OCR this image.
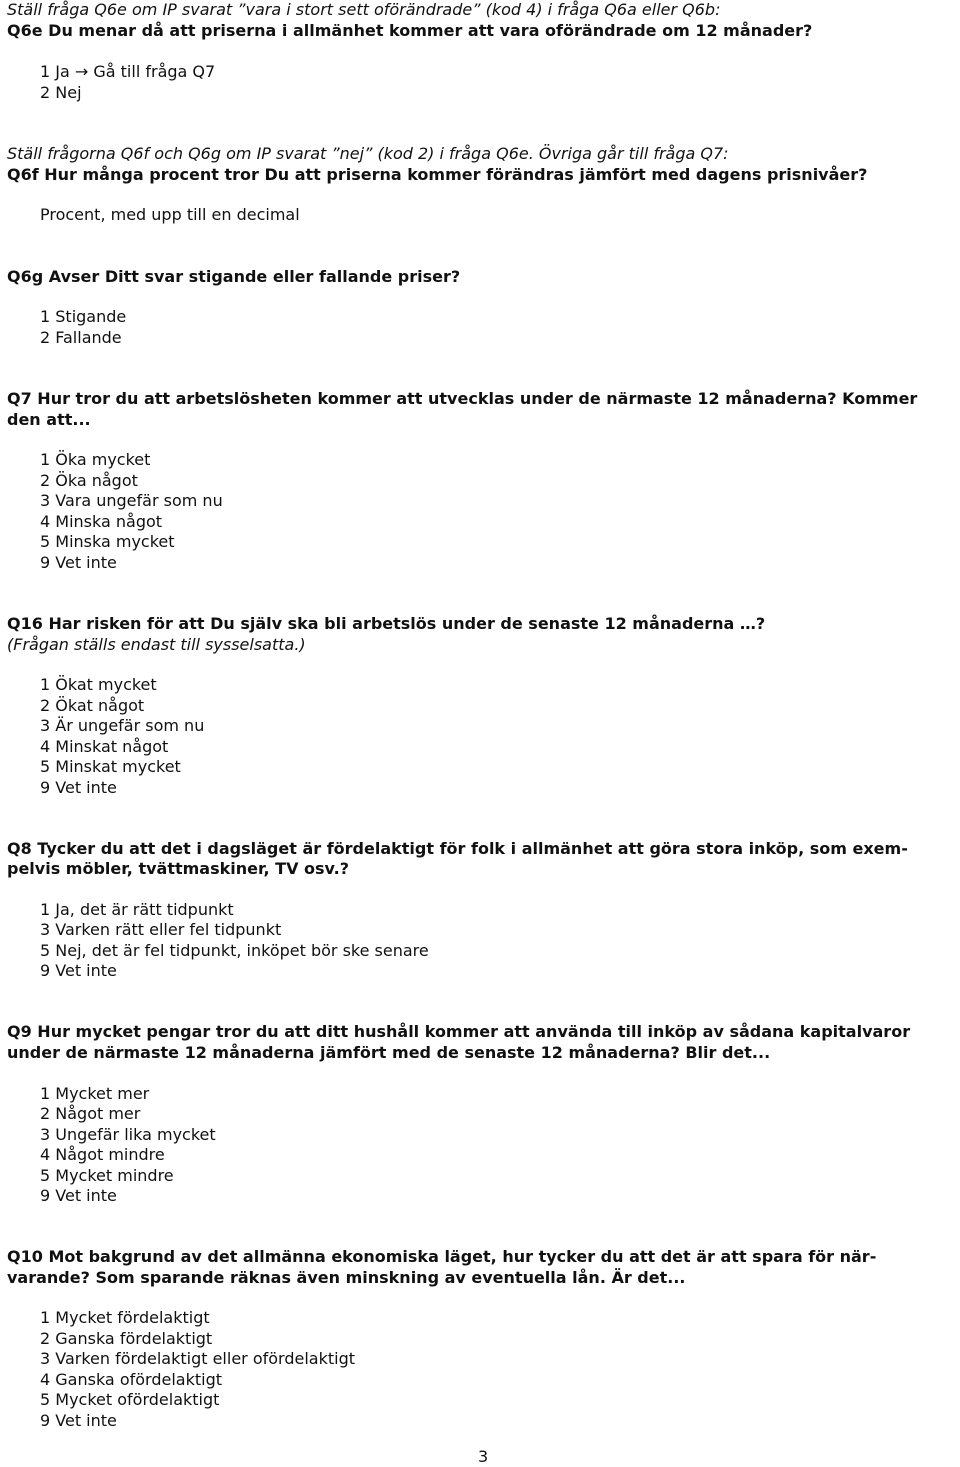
Ställ fråga Q6e om IP svarat ”vara i stort sett oförändrade” (kod 4) i fråga Q6a eller Q6b:
Q6e Du menar då att priserna i allmänhet kommer att vara oförändrade om 12 månader?
1 Ja → Gå till fråga Q7
2 Nej
Ställ frågorna Q6f och Q6g om IP svarat ”nej” (kod 2) i fråga Q6e. Övriga går till fråga Q7:
Q6f Hur många procent tror Du att priserna kommer förändras jämfört med dagens prisnivåer?
Procent, med upp till en decimal
Q6g Avser Ditt svar stigande eller fallande priser?
1 Stigande
2 Fallande
Q7 Hur tror du att arbetslösheten kommer att utvecklas under de närmaste 12 månaderna? Kommer
den att...
1 Öka mycket
2 Öka något
3 Vara ungefär som nu
4 Minska något
5 Minska mycket
9 Vet inte
Q16 Har risken för att Du själv ska bli arbetslös under de senaste 12 månaderna …?
(Frågan ställs endast till sysselsatta.)
1 Ökat mycket
2 Ökat något
3 Är ungefär som nu
4 Minskat något
5 Minskat mycket
9 Vet inte
Q8 Tycker du att det i dagsläget är fördelaktigt för folk i allmänhet att göra stora inköp, som exem-
pelvis möbler, tvättmaskiner, TV osv.?
1 Ja, det är rätt tidpunkt
3 Varken rätt eller fel tidpunkt
5 Nej, det är fel tidpunkt, inköpet bör ske senare
9 Vet inte
Q9 Hur mycket pengar tror du att ditt hushåll kommer att använda till inköp av sådana kapitalvaror
under de närmaste 12 månaderna jämfört med de senaste 12 månaderna? Blir det...
1 Mycket mer
2 Något mer
3 Ungefär lika mycket
4 Något mindre
5 Mycket mindre
9 Vet inte
Q10 Mot bakgrund av det allmänna ekonomiska läget, hur tycker du att det är att spara för när-
varande? Som sparande räknas även minskning av eventuella lån. Är det...
1 Mycket fördelaktigt
2 Ganska fördelaktigt
3 Varken fördelaktigt eller ofördelaktigt
4 Ganska ofördelaktigt
5 Mycket ofördelaktigt
9 Vet inte
3
